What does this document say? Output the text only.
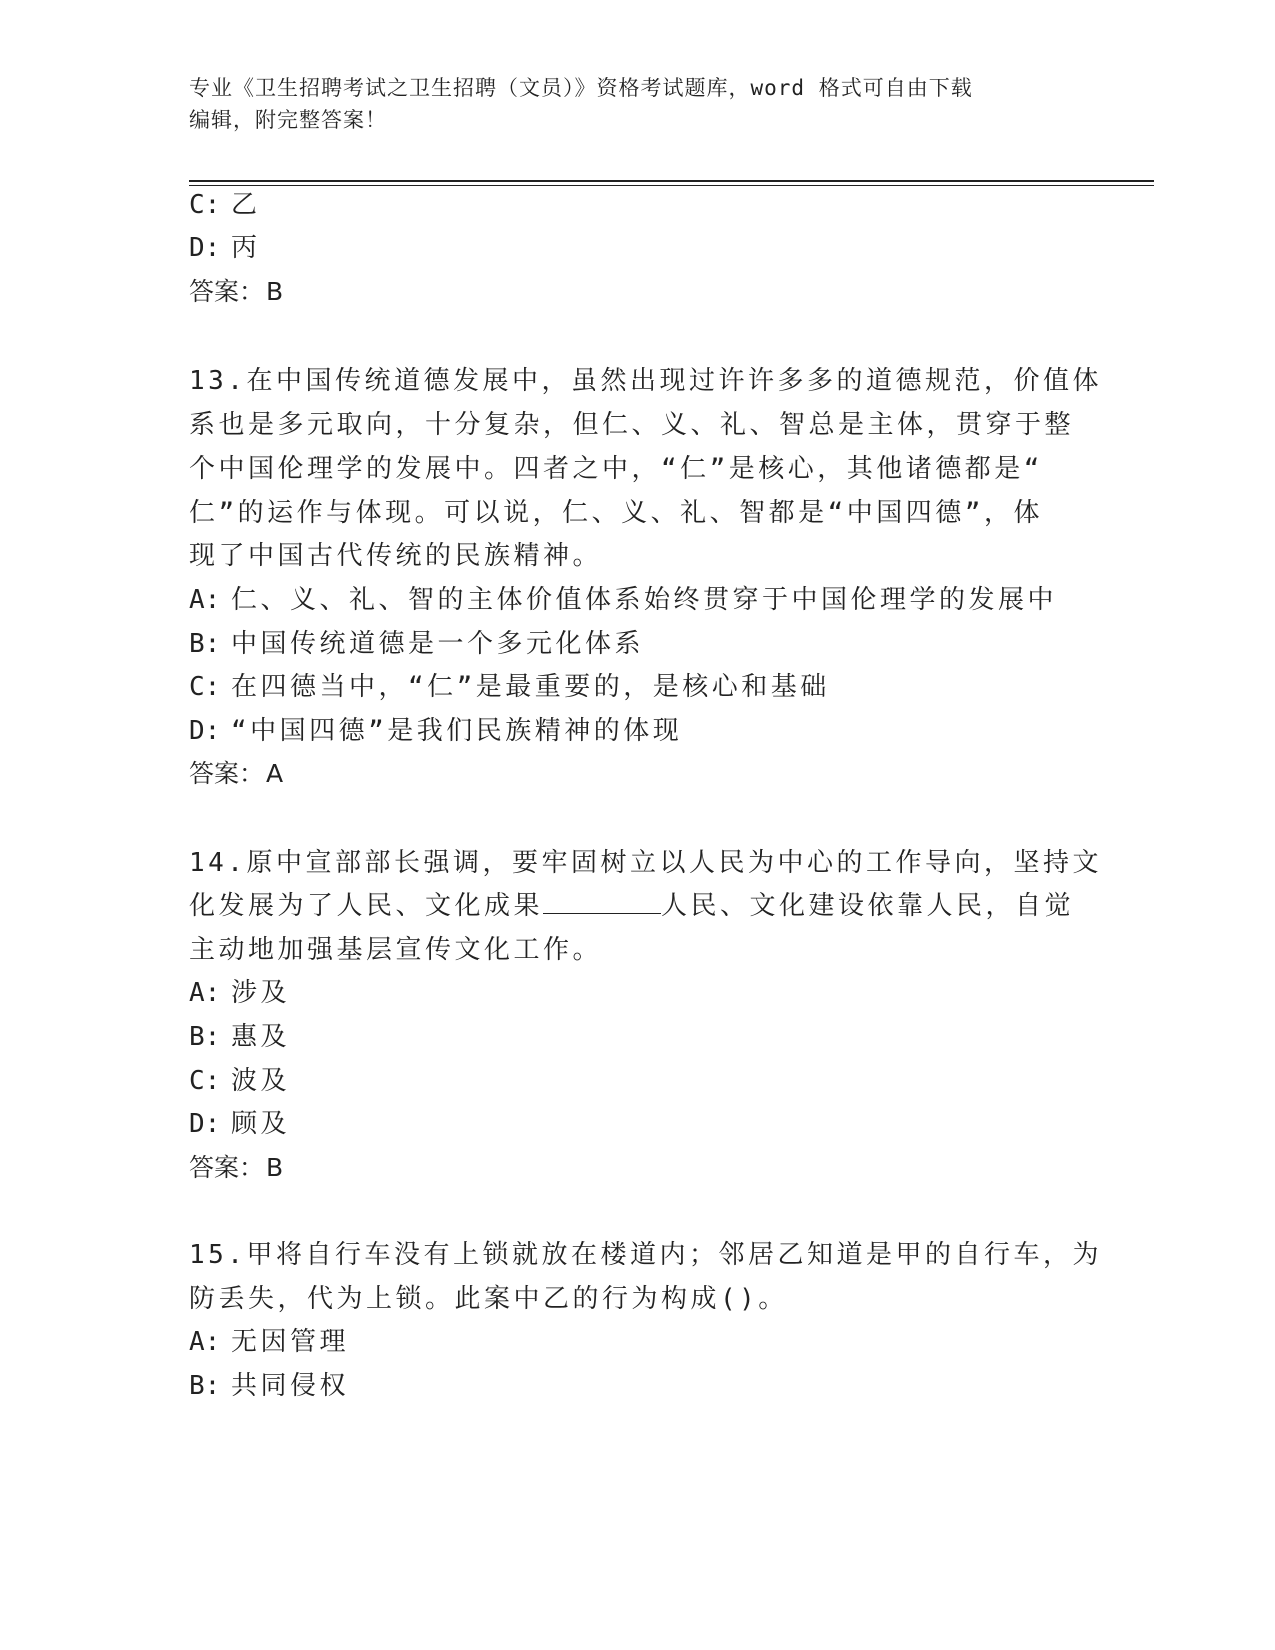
专业《卫生招聘考试之卫生招聘（文员）》资格考试题库，word 格式可自由下载
编辑，附完整答案！
C: 乙
D: 丙
答案：B
13.在中国传统道德发展中，虽然出现过许许多多的道德规范，价值体
系也是多元取向，十分复杂，但仁、义、礼、智总是主体，贯穿于整
个中国伦理学的发展中。四者之中，“仁”是核心，其他诸德都是“
仁”的运作与体现。可以说，仁、义、礼、智都是“中国四德”，体
现了中国古代传统的民族精神。
A: 仁、义、礼、智的主体价值体系始终贯穿于中国伦理学的发展中
B: 中国传统道德是一个多元化体系
C: 在四德当中，“仁”是最重要的，是核心和基础
D: “中国四德”是我们民族精神的体现
答案：A
14.原中宣部部长强调，要牢固树立以人民为中心的工作导向，坚持文
化发展为了人民、文化成果	人民、文化建设依靠人民，自觉
主动地加强基层宣传文化工作。
A: 涉及
B: 惠及
C: 波及
D: 顾及
答案：B
15.甲将自行车没有上锁就放在楼道内；邻居乙知道是甲的自行车，为
防丢失，代为上锁。此案中乙的行为构成()。
A: 无因管理
B: 共同侵权
